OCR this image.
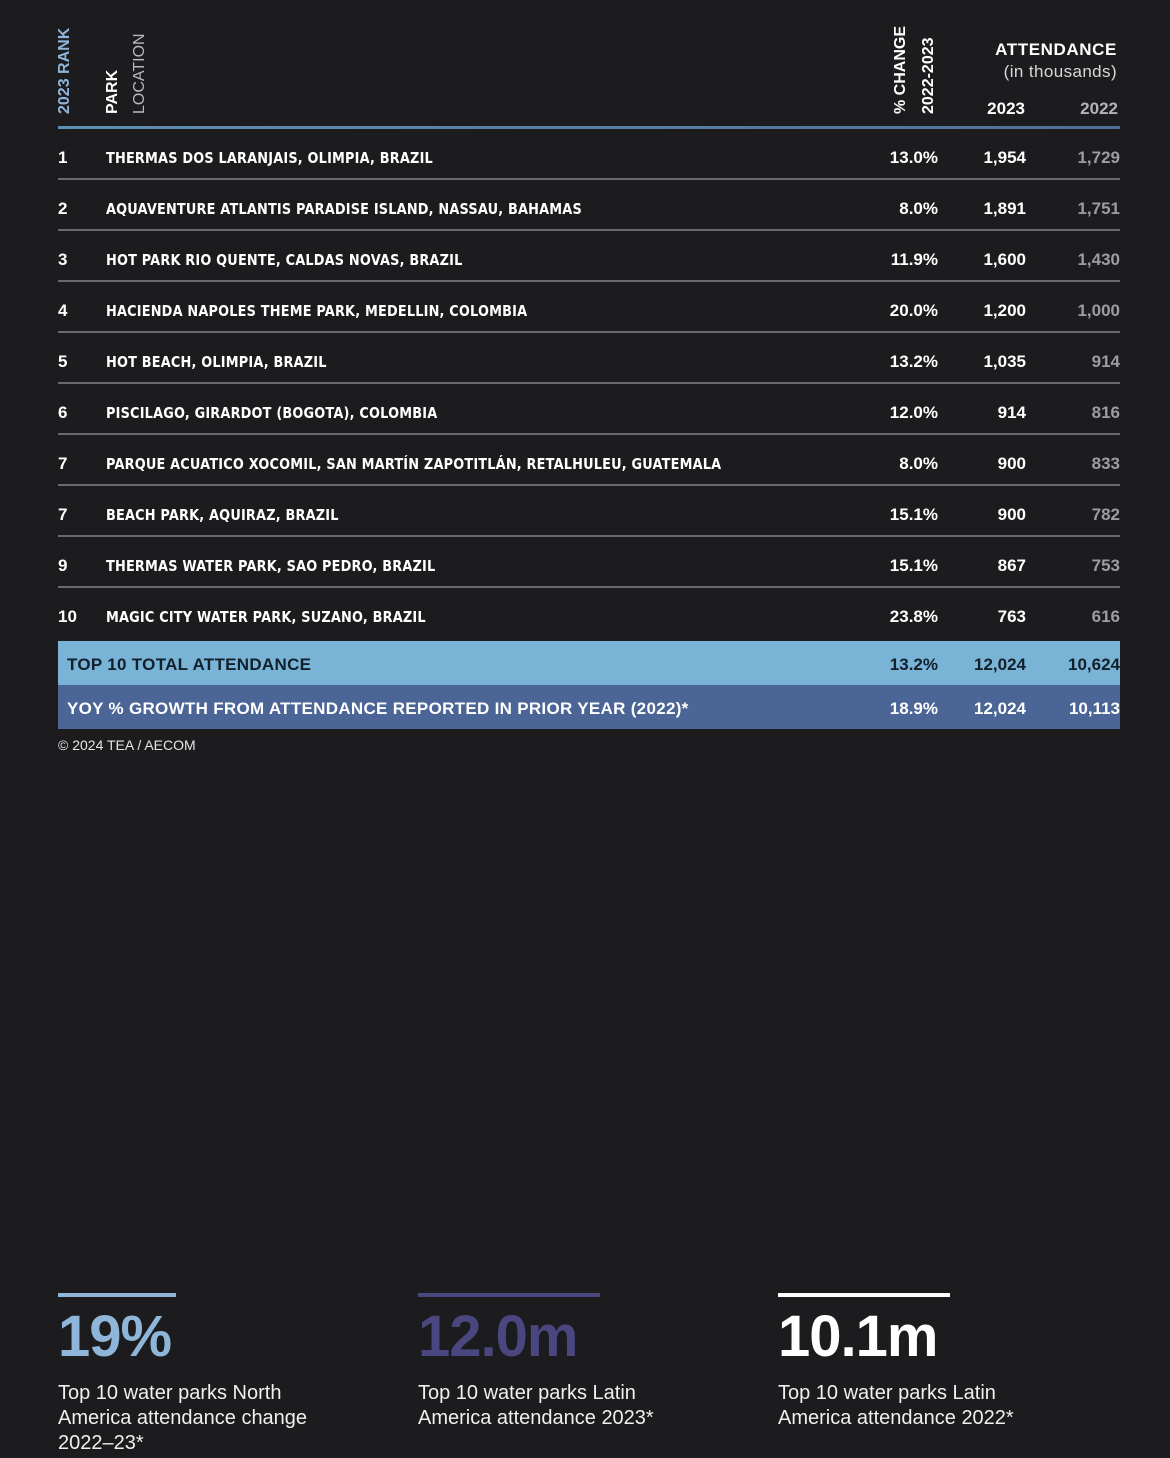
2023 RANK PARK LOCATION	% CHANGE 2022-2023	ATTENDANCE
(in thousands)
2023	2022
1	THERMAS DOS LARANJAIS, OLIMPIA, BRAZIL	13.0%	1,954	1,729
2	AQUAVENTURE ATLANTIS PARADISE ISLAND, NASSAU, BAHAMAS	8.0%	1,891	1,751
3	HOT PARK RIO QUENTE, CALDAS NOVAS, BRAZIL	11.9%	1,600	1,430
4	HACIENDA NAPOLES THEME PARK, MEDELLIN, COLOMBIA	20.0%	1,200	1,000
5	HOT BEACH, OLIMPIA, BRAZIL	13.2%	1,035	914
6	PISCILAGO, GIRARDOT (BOGOTA), COLOMBIA	12.0%	914	816
7	PARQUE ACUATICO XOCOMIL, SAN MARTÍN ZAPOTITLÁN, RETALHULEU, GUATEMALA	8.0%	900	833
7	BEACH PARK, AQUIRAZ, BRAZIL	15.1%	900	782
9	THERMAS WATER PARK, SAO PEDRO, BRAZIL	15.1%	867	753
10 MAGIC CITY WATER PARK, SUZANO, BRAZIL	23.8%	763	616
TOP 10 TOTAL ATTENDANCE	13.2% 12,024 10,624
YOY % GROWTH FROM ATTENDANCE REPORTED IN PRIOR YEAR (2022)*	18.9% 12,024	10,113
© 2024 TEA / AECOM
19%
Top 10 water parks North
America attendance change
2022–23*
12.0m
Top 10 water parks Latin
America attendance 2023*
10.1m
Top 10 water parks Latin
America attendance 2022*
